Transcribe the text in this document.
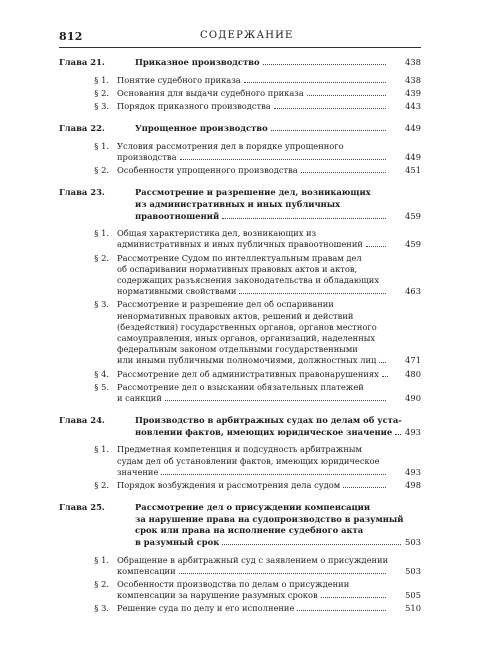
812	СОДЕРЖАНИЕ
Глава 21.	Приказное производство	438
§ 1. Понятие судебного приказа	438
§ 2. Основания для выдачи судебного приказа	439
§ 3. Порядок приказного производства	443
Глава 22.	Упрощенное производство	449
§ 1. Условия рассмотрения дел в порядке упрощенного
производства	449
§ 2. Особенности упрощенного производства	451
Глава 23.	Рассмотрение и разрешение дел, возникающих
из административных и иных публичных
правоотношений	459
§ 1. Общая характеристика дел, возникающих из
административных и иных публичных правоотношений	459
§ 2. Рассмотрение Судом по интеллектуальным правам дел
об оспаривании нормативных правовых актов и актов,
содержащих разъяснения законодательства и обладающих
нормативными свойствами	463
§ 3. Рассмотрение и разрешение дел об оспаривании
ненормативных правовых актов, решений и действий
(бездействия) государственных органов, органов местного
самоуправления, иных органов, организаций, наделенных
федеральным законом отдельными государственными
или иными публичными полномочиями, должностных лиц	471
§ 4. Рассмотрение дел об административных правонарушениях	480
§ 5. Рассмотрение дел о взыскании обязательных платежей
и санкций	490
Глава 24.	Производство в арбитражных судах по делам об уста-
новлении фактов, имеющих юридическое значение	493
§ 1. Предметная компетенция и подсудность арбитражным
судам дел об установлении фактов, имеющих юридическое
значение	493
§ 2. Порядок возбуждения и рассмотрения дела судом	498
Глава 25.	Рассмотрение дел о присуждении компенсации
за нарушение права на судопроизводство в разумный
срок или права на исполнение судебного акта
в разумный срок	503
§ 1. Обращение в арбитражный суд с заявлением о присуждении
компенсации	503
§ 2. Особенности производства по делам о присуждении
компенсации за нарушение разумных сроков	505
§ 3. Решение суда по делу и его исполнение	510
